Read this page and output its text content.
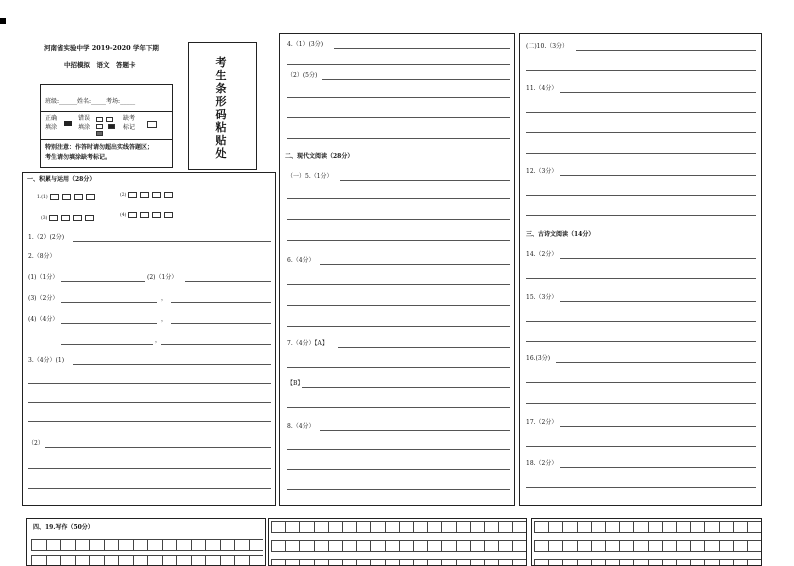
河南省实验中学 2019-2020 学年下期
中招模拟　语文　答题卡
班级:______姓名:_____考场:_____
正确
填涂
错误
填涂

缺考
标记
特别注意：作答时请勿超出实线答题区；
考生请勿填涂缺考标记。
考生条形码粘贴处
一、积累与运用（28分）
1.(1)	(2)
(3)
(4)
1.（2）(2分)
2.（8分）
(1)（1分）	(2)（1分）
(3)（2分）	，
(4)（4分）	，
，
3.（4分）(1)
（2）
4.（1）(3分)
（2）(5分)
二、现代文阅读（28分）
（一）5.（1分）
6.（4分）
7.（4分）【A】
【B】
8.（4分）
(二)10.（3分）
11.（4分）
12.（3分）
三、古诗文阅读（14分）
14.（2分）
15.（3分）
16.(3分)
17.（2分）
18.（2分）
四、19.写作（50分）
